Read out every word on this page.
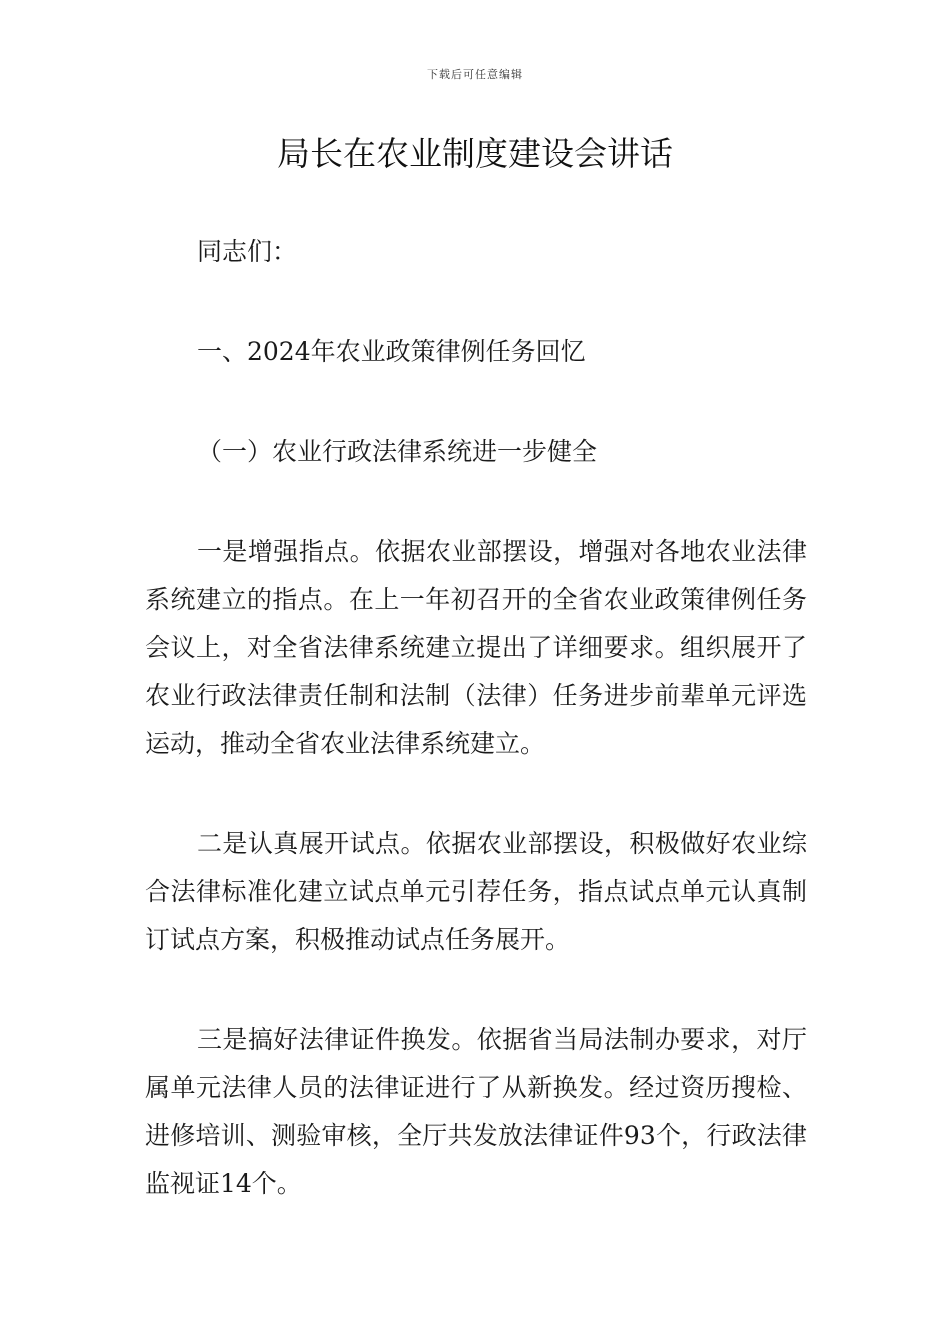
下载后可任意编辑
局长在农业制度建设会讲话

同志们：

一、2024年农业政策律例任务回忆

（一）农业行政法律系统进一步健全

一是增强指点。依据农业部摆设，增强对各地农业法律系统建立的指点。在上一年初召开的全省农业政策律例任务会议上，对全省法律系统建立提出了详细要求。组织展开了农业行政法律责任制和法制（法律）任务进步前辈单元评选运动，推动全省农业法律系统建立。

二是认真展开试点。依据农业部摆设，积极做好农业综合法律标准化建立试点单元引荐任务，指点试点单元认真制订试点方案，积极推动试点任务展开。

三是搞好法律证件换发。依据省当局法制办要求，对厅属单元法律人员的法律证进行了从新换发。经过资历搜检、进修培训、测验审核，全厅共发放法律证件93个，行政法律监视证14个。
